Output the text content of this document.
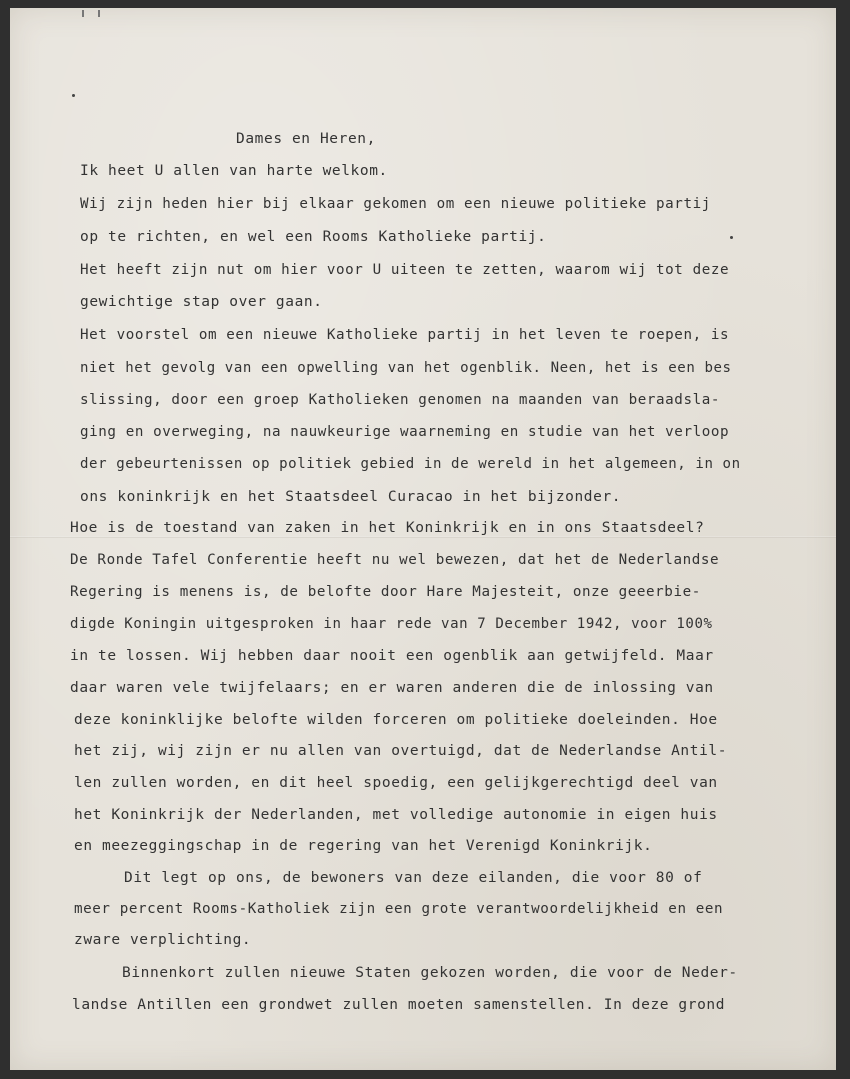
Dames en Heren,
Ik heet U allen van harte welkom.
Wij zijn heden hier bij elkaar gekomen om een nieuwe politieke partij
op te richten, en wel een Rooms Katholieke partij.
Het heeft zijn nut om hier voor U uiteen te zetten, waarom wij tot deze
gewichtige stap over gaan.
Het voorstel om een nieuwe Katholieke partij in het leven te roepen, is
niet het gevolg van een opwelling van het ogenblik. Neen, het is een bes
slissing, door een groep Katholieken genomen na maanden van beraadsla-
ging en overweging, na nauwkeurige waarneming en studie van het verloop
der gebeurtenissen op politiek gebied in de wereld in het algemeen, in on
ons koninkrijk en het Staatsdeel Curacao in het bijzonder.
Hoe is de toestand van zaken in het Koninkrijk en in ons Staatsdeel?
De Ronde Tafel Conferentie heeft nu wel bewezen, dat het de Nederlandse
Regering is menens is, de belofte door Hare Majesteit, onze geeerbie-
digde Koningin uitgesproken in haar rede van 7 December 1942, voor 100%
in te lossen. Wij hebben daar nooit een ogenblik aan getwijfeld. Maar
daar waren vele twijfelaars; en er waren anderen die de inlossing van
deze koninklijke belofte wilden forceren om politieke doeleinden. Hoe
het zij, wij zijn er nu allen van overtuigd, dat de Nederlandse Antil-
len zullen worden, en dit heel spoedig, een gelijkgerechtigd deel van
het Koninkrijk der Nederlanden, met volledige autonomie in eigen huis
en meezeggingschap in de regering van het Verenigd Koninkrijk.
Dit legt op ons, de bewoners van deze eilanden, die voor 80 of
meer percent Rooms-Katholiek zijn een grote verantwoordelijkheid en een
zware verplichting.
Binnenkort zullen nieuwe Staten gekozen worden, die voor de Neder-
landse Antillen een grondwet zullen moeten samenstellen. In deze grond
